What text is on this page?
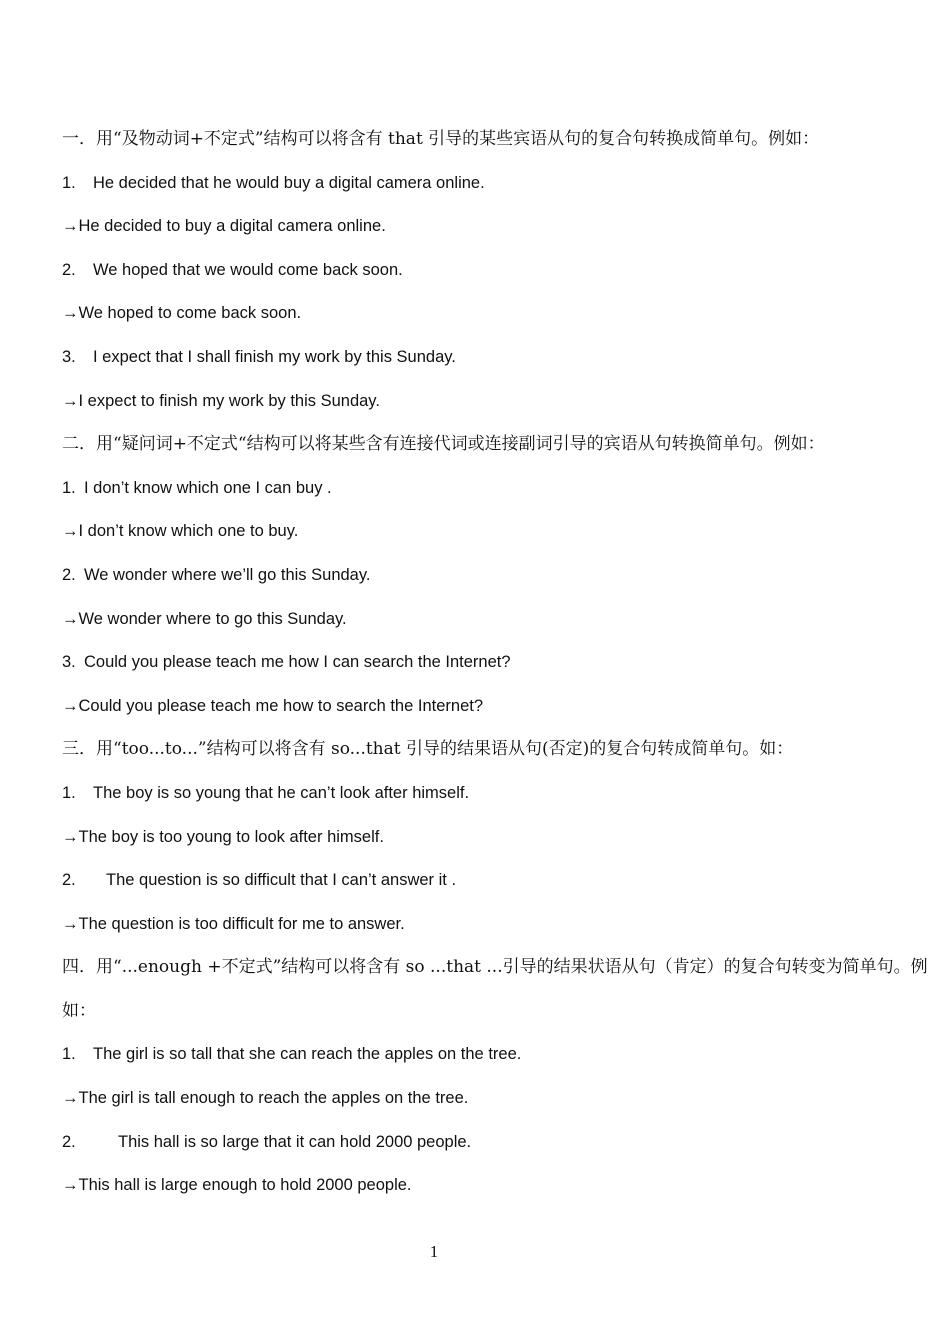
一．用“及物动词+不定式”结构可以将含有 that 引导的某些宾语从句的复合句转换成简单句。例如：
1. He decided that he would buy a digital camera online.
→He decided to buy a digital camera online.
2. We hoped that we would come back soon.
→We hoped to come back soon.
3. I expect that I shall finish my work by this Sunday.
→I expect to finish my work by this Sunday.
二．用“疑问词+不定式“结构可以将某些含有连接代词或连接副词引导的宾语从句转换简单句。例如：
1. I don’t know which one I can buy .
→I don’t know which one to buy.
2. We wonder where we’ll go this Sunday.
→We wonder where to go this Sunday.
3. Could you please teach me how I can search the Internet?
→Could you please teach me how to search the Internet?
三．用“too...to...”结构可以将含有 so...that 引导的结果语从句(否定)的复合句转成简单句。如：
1. The boy is so young that he can’t look after himself.
→The boy is too young to look after himself.
2. The question is so difficult that I can’t answer it .
→The question is too difficult for me to answer.
四．用“...enough +不定式”结构可以将含有 so ...that ...引导的结果状语从句（肯定）的复合句转变为简单句。例如：
1. The girl is so tall that she can reach the apples on the tree.
→The girl is tall enough to reach the apples on the tree.
2.	This hall is so large that it can hold 2000 people.
→This hall is large enough to hold 2000 people.
1
